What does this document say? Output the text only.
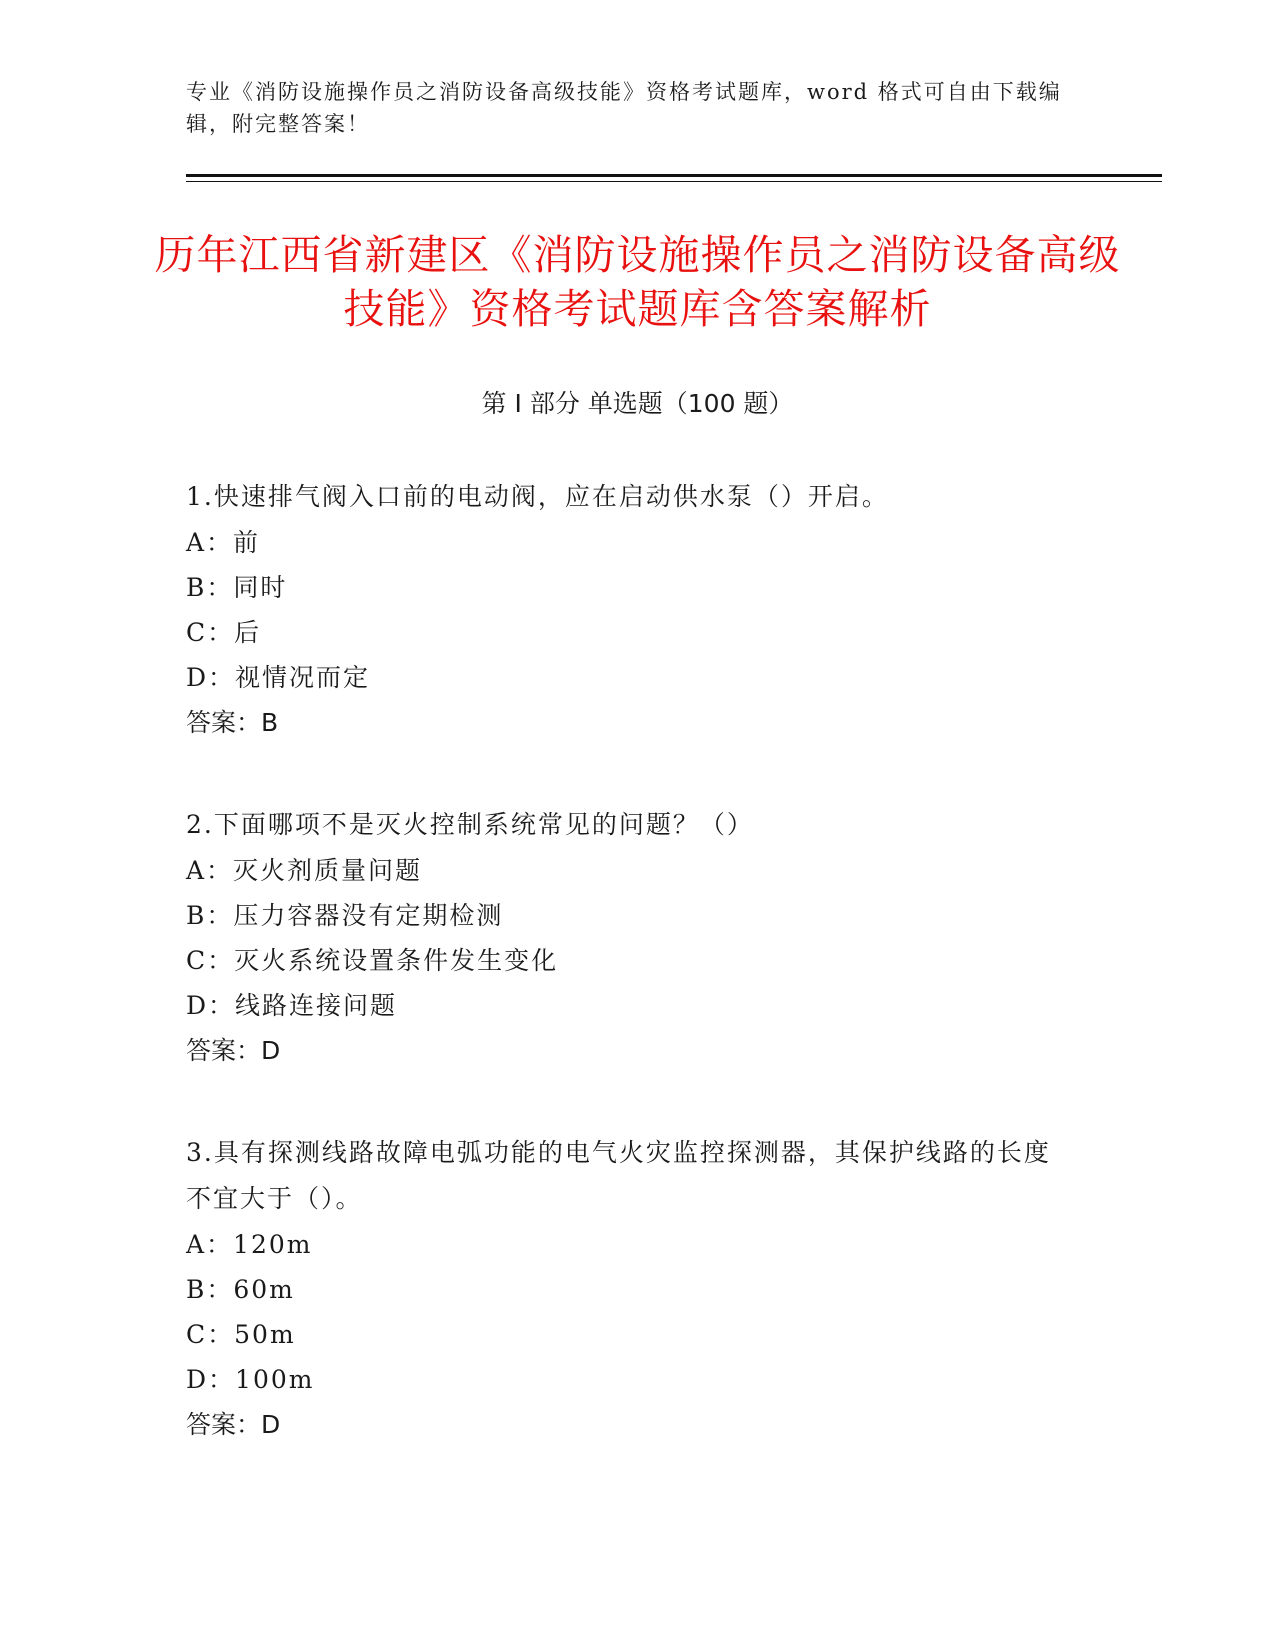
专业《消防设施操作员之消防设备高级技能》资格考试题库，word 格式可自由下载编辑，附完整答案！
历年江西省新建区《消防设施操作员之消防设备高级技能》资格考试题库含答案解析
第 I 部分 单选题（100 题）

1.快速排气阀入口前的电动阀，应在启动供水泵（）开启。

A：前

B：同时

C：后

D：视情况而定

答案：B

2.下面哪项不是灭火控制系统常见的问题？（）

A：灭火剂质量问题

B：压力容器没有定期检测

C：灭火系统设置条件发生变化

D：线路连接问题

答案：D

3.具有探测线路故障电弧功能的电气火灾监控探测器，其保护线路的长度不宜大于（）。

A：120m

B：60m

C：50m

D：100m

答案：D
